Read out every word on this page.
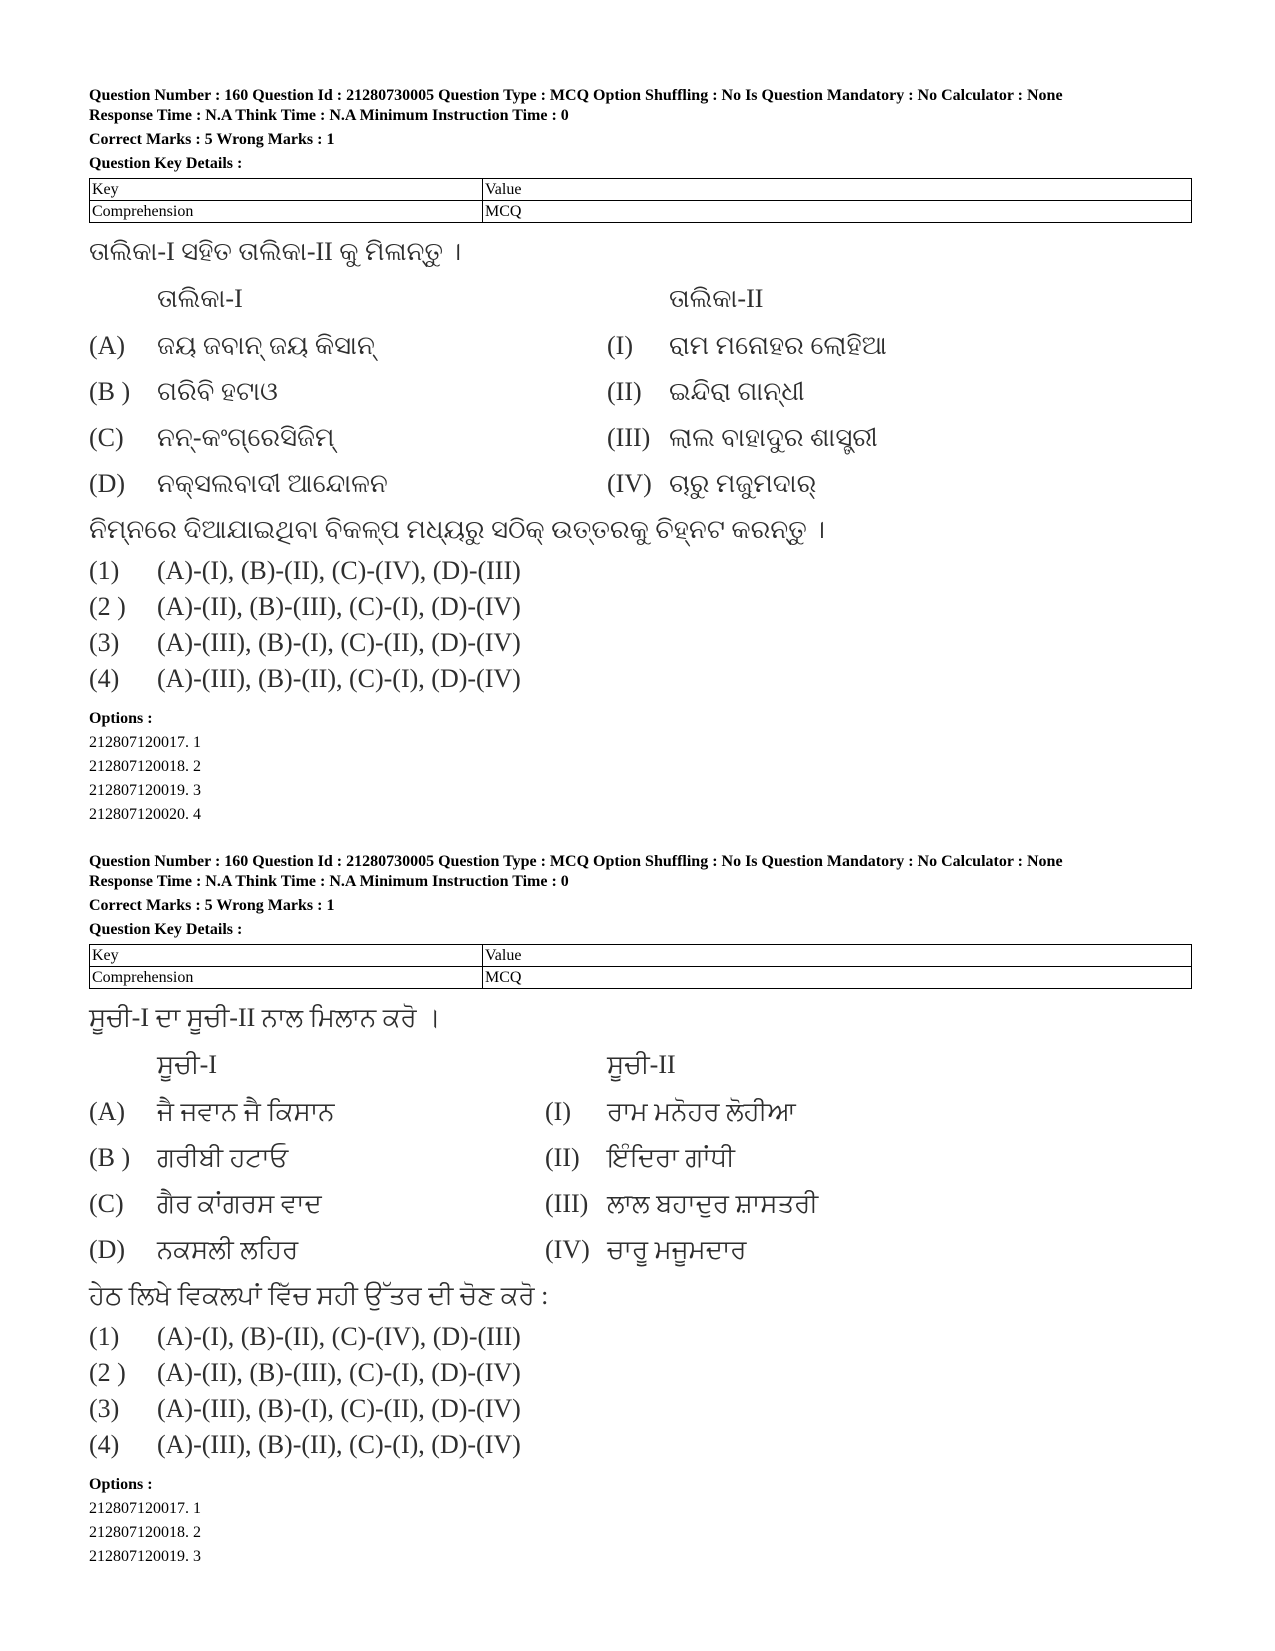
Question Number : 160 Question Id : 21280730005 Question Type : MCQ Option Shuffling : No Is Question Mandatory : No Calculator : None

Response Time : N.A Think Time : N.A Minimum Instruction Time : 0

Correct Marks : 5 Wrong Marks : 1

Question Key Details :

Key	Value
Comprehension	MCQ
ତାଲିକା-I ସହିତ ତାଲିକା-II କୁ ମିଳାନ୍ତୁ ।
ତାଲିକା-I	ତାଲିକା-II
(A)	ଜୟ ଜବାନ୍ ଜୟ କିସାନ୍	(I)	ରାମ ମନୋହର ଲୋହିଆ
(B )	ଗରିବି ହଟାଓ	(II)	ଇନ୍ଦିରା ଗାନ୍ଧୀ
(C)	ନନ୍-କଂଗ୍ରେସିଜିମ୍	(III) ଲାଲ ବାହାଦୁର ଶାସ୍ତ୍ରୀ
(D)	ନକ୍ସଲବାଦୀ ଆନ୍ଦୋଳନ	(IV) ଚାରୁ ମଜୁମଦାର୍
ନିମ୍ନରେ ଦିଆଯାଇଥିବା ବିକଳ୍ପ ମଧ୍ୟରୁ ସଠିକ୍ ଉତ୍ତରକୁ ଚିହ୍ନଟ କରନ୍ତୁ ।
(1)	(A)-(I), (B)-(II), (C)-(IV), (D)-(III)
(2 )	(A)-(II), (B)-(III), (C)-(I), (D)-(IV)
(3)	(A)-(III), (B)-(I), (C)-(II), (D)-(IV)
(4)	(A)-(III), (B)-(II), (C)-(I), (D)-(IV)
Options :
212807120017. 1
212807120018. 2
212807120019. 3
212807120020. 4

Question Number : 160 Question Id : 21280730005 Question Type : MCQ Option Shuffling : No Is Question Mandatory : No Calculator : None

Response Time : N.A Think Time : N.A Minimum Instruction Time : 0

Correct Marks : 5 Wrong Marks : 1

Question Key Details :

Key	Value
Comprehension	MCQ
ਸੂਚੀ-I ਦਾ ਸੂਚੀ-II ਨਾਲ ਮਿਲਾਨ ਕਰੋ ।
ਸੂਚੀ-I	ਸੂਚੀ-II
(A)	ਜੈ ਜਵਾਨ ਜੈ ਕਿਸਾਨ	(I)	ਰਾਮ ਮਨੋਹਰ ਲੋਹੀਆ
(B )	ਗਰੀਬੀ ਹਟਾਓ	(II)	ਇੰਦਿਰਾ ਗਾਂਧੀ
(C)	ਗੈਰ ਕਾਂਗਰਸ ਵਾਦ	(III) ਲਾਲ ਬਹਾਦੁਰ ਸ਼ਾਸਤਰੀ
(D)	ਨਕਸਲੀ ਲਹਿਰ	(IV) ਚਾਰੂ ਮਜੂਮਦਾਰ
ਹੇਠ ਲਿਖੇ ਵਿਕਲਪਾਂ ਵਿੱਚ ਸਹੀ ਉੱਤਰ ਦੀ ਚੋਣ ਕਰੋ :
(1)	(A)-(I), (B)-(II), (C)-(IV), (D)-(III)
(2 )	(A)-(II), (B)-(III), (C)-(I), (D)-(IV)
(3)	(A)-(III), (B)-(I), (C)-(II), (D)-(IV)
(4)	(A)-(III), (B)-(II), (C)-(I), (D)-(IV)
Options :
212807120017. 1
212807120018. 2
212807120019. 3
